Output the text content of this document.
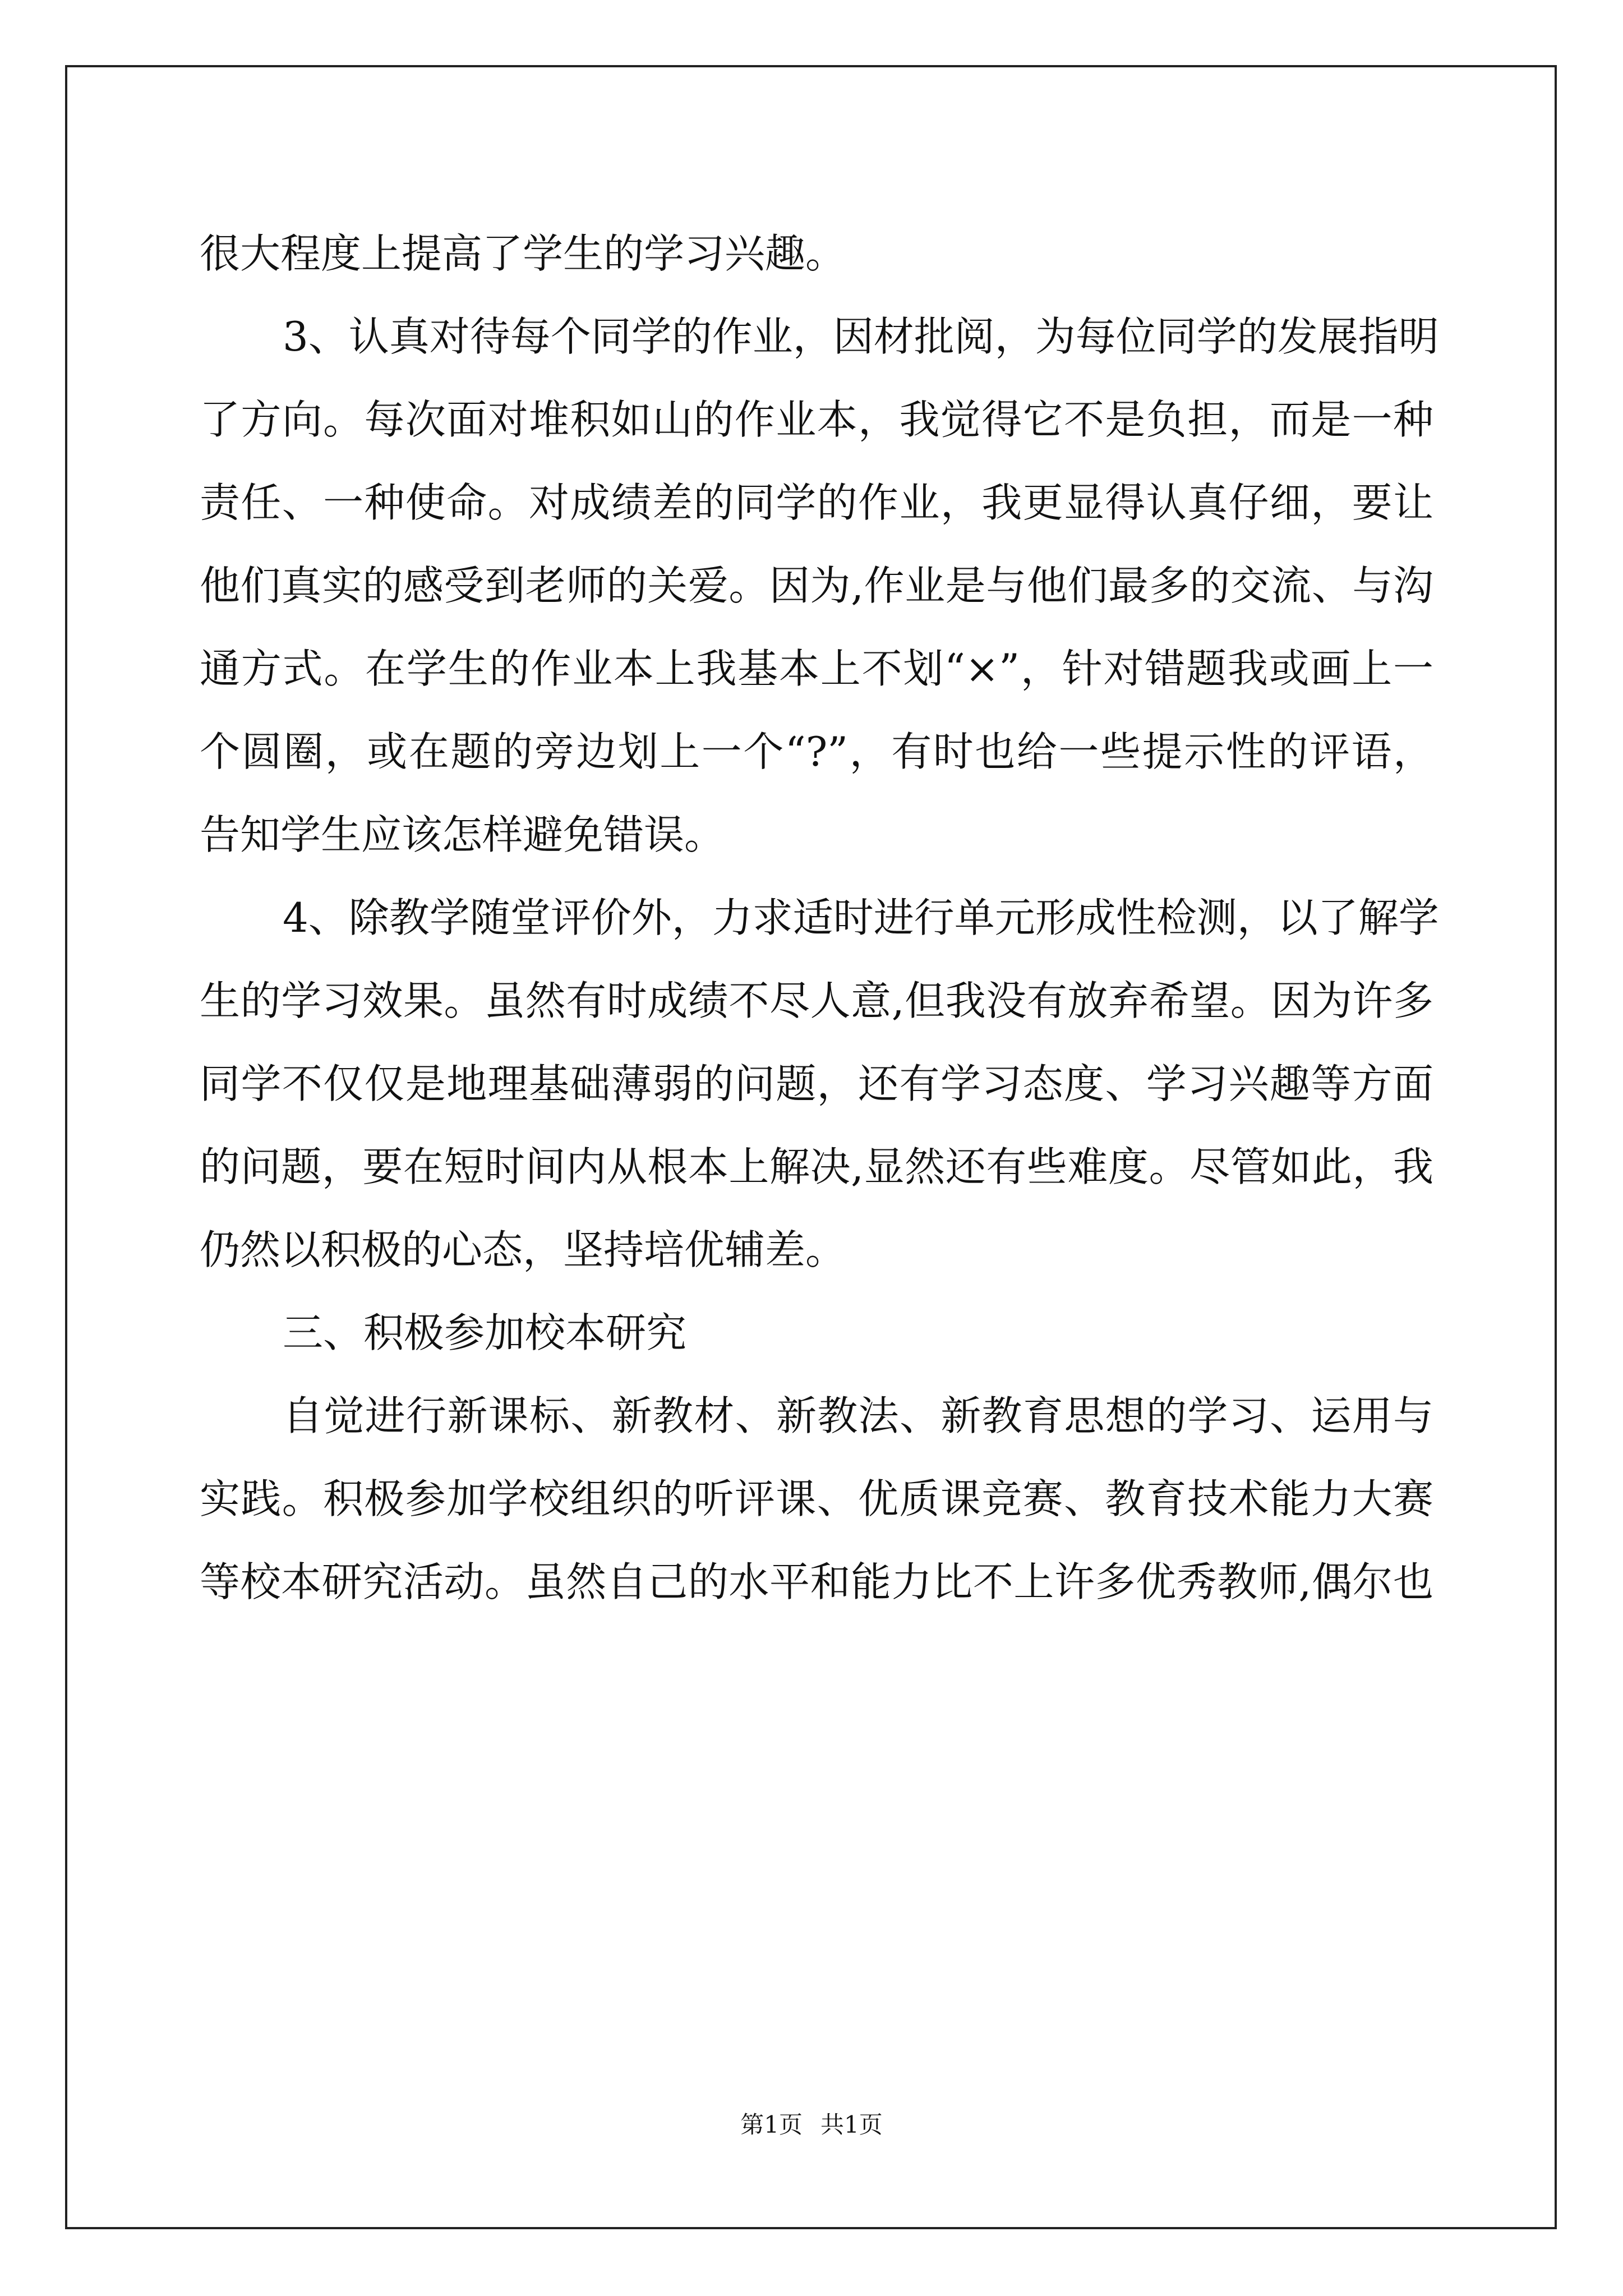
很大程度上提高了学生的学习兴趣。
3、认真对待每个同学的作业，因材批阅，为每位同学的发展指明
了方向。每次面对堆积如山的作业本，我觉得它不是负担，而是一种
责任、一种使命。对成绩差的同学的作业，我更显得认真仔细，要让
他们真实的感受到老师的关爱。因为,作业是与他们最多的交流、与沟
通方式。在学生的作业本上我基本上不划“×”，针对错题我或画上一
个圆圈，或在题的旁边划上一个“?”，有时也给一些提示性的评语，
告知学生应该怎样避免错误。
4、除教学随堂评价外，力求适时进行单元形成性检测，以了解学
生的学习效果。虽然有时成绩不尽人意,但我没有放弃希望。因为许多
同学不仅仅是地理基础薄弱的问题，还有学习态度、学习兴趣等方面
的问题，要在短时间内从根本上解决,显然还有些难度。尽管如此，我
仍然以积极的心态，坚持培优辅差。
三、积极参加校本研究
自觉进行新课标、新教材、新教法、新教育思想的学习、运用与
实践。积极参加学校组织的听评课、优质课竞赛、教育技术能力大赛
等校本研究活动。虽然自己的水平和能力比不上许多优秀教师,偶尔也
第1页 共1页
